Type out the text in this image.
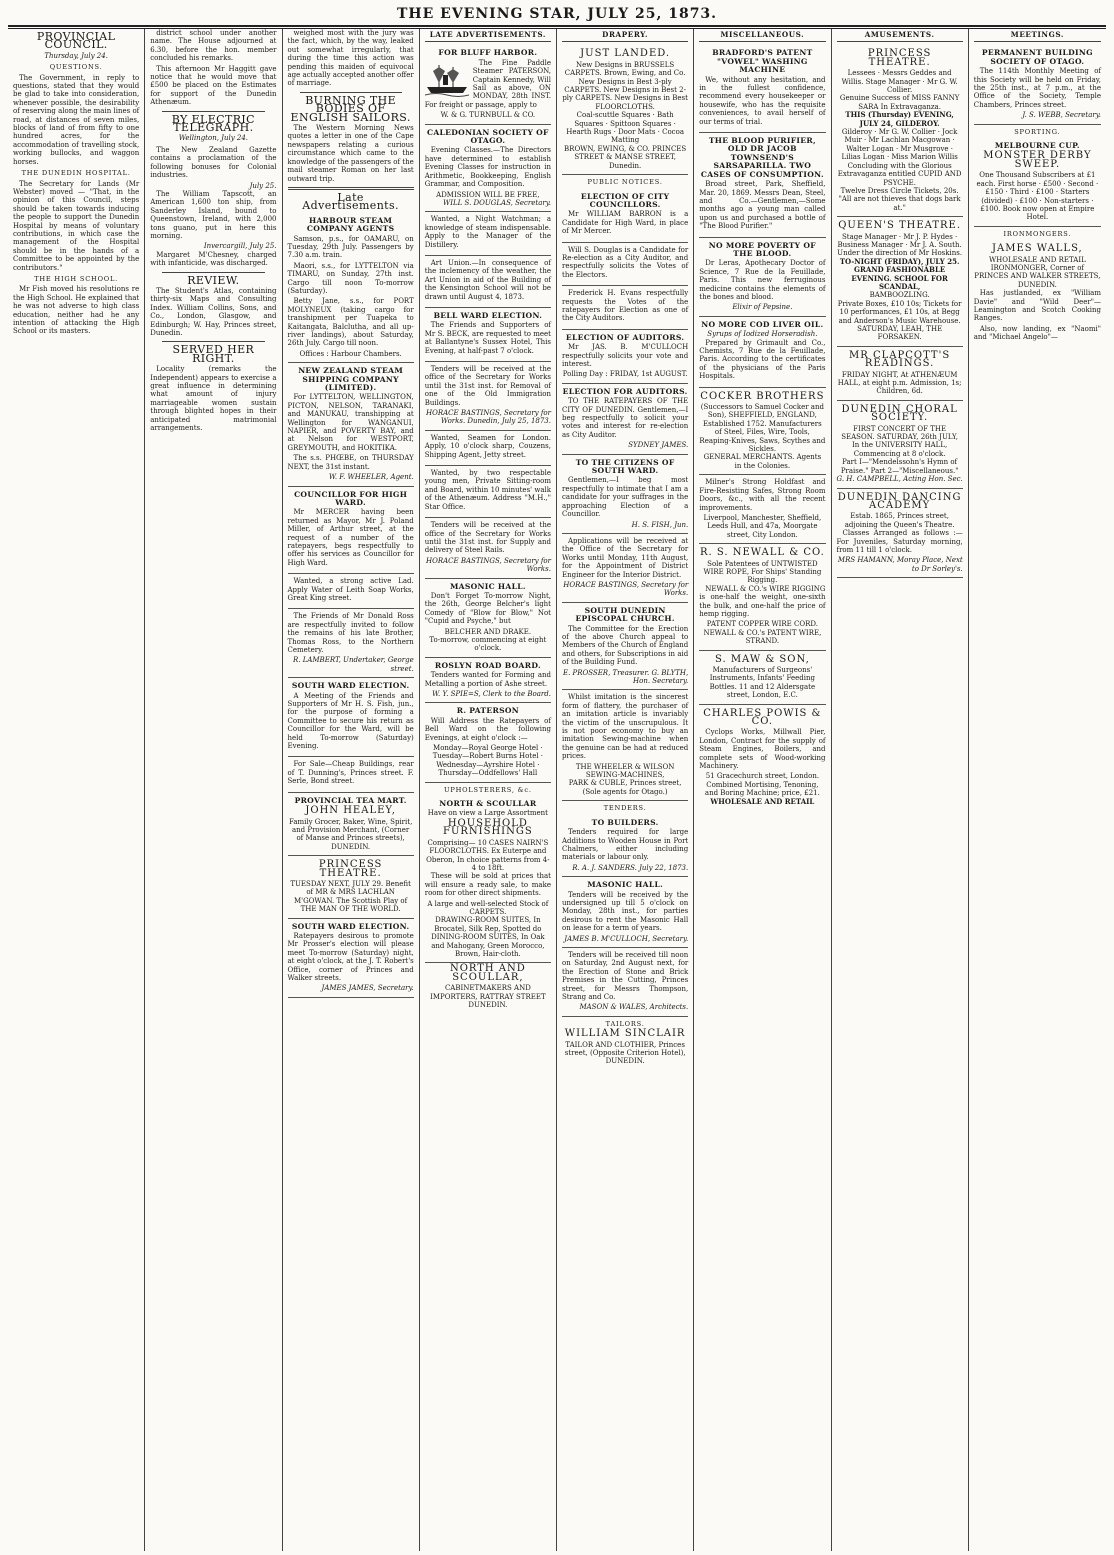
THE EVENING STAR, JULY 25, 1873.
PROVINCIAL COUNCIL.
Thursday, July 24.
QUESTIONS.

The Government, in reply to questions, stated that they would be glad to take into consideration, whenever possible, the desirability of reserving along the main lines of road, at distances of seven miles, blocks of land of from fifty to one hundred acres, for the accommodation of travelling stock, working bullocks, and waggon horses.

THE DUNEDIN HOSPITAL.

The Secretary for Lands (Mr Webster) moved — "That, in the opinion of this Council, steps should be taken towards inducing the people to support the Dunedin Hospital by means of voluntary contributions, in which case the management of the Hospital should be in the hands of a Committee to be appointed by the contributors."

THE HIGH SCHOOL.

Mr Fish moved his resolutions re the High School. He explained that he was not adverse to high class education, neither had he any intention of attacking the High School or its masters.

district school under another name. The House adjourned at 6.30, before the hon. member concluded his remarks.

This afternoon Mr Haggitt gave notice that he would move that £500 be placed on the Estimates for support of the Dunedin Athenæum.

BY ELECTRIC TELEGRAPH.
Wellington, July 24.

The New Zealand Gazette contains a proclamation of the following bonuses for Colonial industries.

July 25.

The William Tapscott, an American 1,600 ton ship, from Sanderley Island, bound to Queenstown, Ireland, with 2,000 tons guano, put in here this morning.

Invercargill, July 25.

Margaret M'Chesney, charged with infanticide, was discharged.

REVIEW.

The Student's Atlas, containing thirty-six Maps and Consulting Index. William Collins, Sons, and Co., London, Glasgow, and Edinburgh; W. Hay, Princes street, Dunedin.

SERVED HER RIGHT.

Locality (remarks the Independent) appears to exercise a great influence in determining what amount of injury marriageable women sustain through blighted hopes in their anticipated matrimonial arrangements.

weighed most with the jury was the fact, which, by the way, leaked out somewhat irregularly, that during the time this action was pending this maiden of equivocal age actually accepted another offer of marriage.

BURNING THE BODIES OF ENGLISH SAILORS.

The Western Morning News quotes a letter in one of the Cape newspapers relating a curious circumstance which came to the knowledge of the passengers of the mail steamer Roman on her last outward trip.

Late Advertisements.
HARBOUR STEAM COMPANY AGENTS

Samson, p.s., for OAMARU, on Tuesday, 29th July. Passengers by 7.30 a.m. train.

Maori, s.s., for LYTTELTON via TIMARU, on Sunday, 27th inst. Cargo till noon To-morrow (Saturday).

Betty Jane, s.s., for PORT MOLYNEUX (taking cargo for transhipment per Tuapeka to Kaitangata, Balclutha, and all up-river landings), about Saturday, 26th July. Cargo till noon.

Offices : Harbour Chambers.

NEW ZEALAND STEAM SHIPPING COMPANY (LIMITED).

For LYTTELTON, WELLINGTON, PICTON, NELSON, TARANAKI, and MANUKAU, transhipping at Wellington for WANGANUI, NAPIER, and POVERTY BAY, and at Nelson for WESTPORT, GREYMOUTH, and HOKITIKA.

The s.s. PHŒBE, on THURSDAY NEXT, the 31st instant.

W. F. WHEELER, Agent.

COUNCILLOR FOR HIGH WARD.

Mr MERCER having been returned as Mayor, Mr J. Poland Miller, of Arthur street, at the request of a number of the ratepayers, begs respectfully to offer his services as Councillor for High Ward.

Wanted, a strong active Lad. Apply Water of Leith Soap Works, Great King street.

The Friends of Mr Donald Ross are respectfully invited to follow the remains of his late Brother, Thomas Ross, to the Northern Cemetery.

R. LAMBERT, Undertaker, George street.

SOUTH WARD ELECTION.

A Meeting of the Friends and Supporters of Mr H. S. Fish, jun., for the purpose of forming a Committee to secure his return as Councillor for the Ward, will be held To-morrow (Saturday) Evening.

For Sale—Cheap Buildings, rear of T. Dunning's, Princes street. F. Serle, Bond street.

PROVINCIAL TEA MART.
JOHN HEALEY,

Family Grocer, Baker, Wine, Spirit, and Provision Merchant, (Corner of Manse and Princes streets), DUNEDIN.

PRINCESS THEATRE.

TUESDAY NEXT, JULY 29. Benefit of MR & MRS LACHLAN M'GOWAN. The Scottish Play of THE MAN OF THE WORLD.

SOUTH WARD ELECTION.

Ratepayers desirous to promote Mr Prosser's election will please meet To-morrow (Saturday) night, at eight o'clock, at the J. T. Robert's Office, corner of Princes and Walker streets.

JAMES JAMES, Secretary.

LATE ADVERTISEMENTS.
FOR BLUFF HARBOR.

The Fine Paddle Steamer PATERSON, Captain Kennedy, Will Sail as above, ON MONDAY, 28th INST. For freight or passage, apply to

W. & G. TURNBULL & CO.

CALEDONIAN SOCIETY OF OTAGO.

Evening Classes.—The Directors have determined to establish Evening Classes for instruction in Arithmetic, Bookkeeping, English Grammar, and Composition.

ADMISSION WILL BE FREE,

WILL S. DOUGLAS, Secretary.

Wanted, a Night Watchman; a knowledge of steam indispensable. Apply to the Manager of the Distillery.

Art Union.—In consequence of the inclemency of the weather, the Art Union in aid of the Building of the Kensington School will not be drawn until August 4, 1873.

BELL WARD ELECTION.

The Friends and Supporters of Mr S. BECK, are requested to meet at Ballantyne's Sussex Hotel, This Evening, at half-past 7 o'clock.

Tenders will be received at the office of the Secretary for Works until the 31st inst. for Removal of one of the Old Immigration Buildings.

HORACE BASTINGS, Secretary for Works. Dunedin, July 25, 1873.

Wanted, Seamen for London. Apply, 10 o'clock sharp, Couzens, Shipping Agent, Jetty street.

Wanted, by two respectable young men, Private Sitting-room and Board, within 10 minutes' walk of the Athenæum. Address "M.H.," Star Office.

Tenders will be received at the office of the Secretary for Works until the 31st inst. for Supply and delivery of Steel Rails.

HORACE BASTINGS, Secretary for Works.

MASONIC HALL.

Don't Forget To-morrow Night, the 26th, George Belcher's light Comedy of "Blow for Blow," Not "Cupid and Psyche," but

BELCHER AND DRAKE.

To-morrow, commencing at eight o'clock.

ROSLYN ROAD BOARD.

Tenders wanted for Forming and Metalling a portion of Ashe street.

W. Y. SPIE=S, Clerk to the Board.

R. PATERSON

Will Address the Ratepayers of Bell Ward on the following Evenings, at eight o'clock :—

Monday—Royal George Hotel · Tuesday—Robert Burns Hotel · Wednesday—Ayrshire Hotel · Thursday—Oddfellows' Hall

UPHOLSTERERS, &c.
NORTH & SCOULLAR

Have on view a Large Assortment

HOUSEHOLD FURNISHINGS

Comprising— 10 CASES NAIRN'S FLOORCLOTHS. Ex Euterpe and Oberon, In choice patterns from 4-4 to 18ft.

These will be sold at prices that will ensure a ready sale, to make room for other direct shipments.

A large and well-selected Stock of CARPETS.

DRAWING-ROOM SUITES, In Brocatel, Silk Rep, Spotted do

DINING-ROOM SUITES, In Oak and Mahogany, Green Morocco, Brown, Hair-cloth.

NORTH AND SCOULLAR,

CABINETMAKERS AND IMPORTERS, RATTRAY STREET DUNEDIN.

DRAPERY.
JUST LANDED.

New Designs in BRUSSELS CARPETS. Brown, Ewing, and Co.

New Designs in Best 3-ply CARPETS. New Designs in Best 2-ply CARPETS. New Designs in Best FLOORCLOTHS.

Coal-scuttle Squares · Bath Squares · Spittoon Squares · Hearth Rugs · Door Mats · Cocoa Matting

BROWN, EWING, & CO. PRINCES STREET & MANSE STREET, Dunedin.

PUBLIC NOTICES.
ELECTION OF CITY COUNCILLORS.

Mr WILLIAM BARRON is a Candidate for High Ward, in place of Mr Mercer.

Will S. Douglas is a Candidate for Re-election as a City Auditor, and respectfully solicits the Votes of the Electors.

Frederick H. Evans respectfully requests the Votes of the ratepayers for Election as one of the City Auditors.

ELECTION OF AUDITORS.

Mr JAS. B. M'CULLOCH respectfully solicits your vote and interest.

Polling Day : FRIDAY, 1st AUGUST.

ELECTION FOR AUDITORS.

TO THE RATEPAYERS OF THE CITY OF DUNEDIN. Gentlemen,—I beg respectfully to solicit your votes and interest for re-election as City Auditor.

SYDNEY JAMES.

TO THE CITIZENS OF SOUTH WARD.

Gentlemen,—I beg most respectfully to intimate that I am a candidate for your suffrages in the approaching Election of a Councillor.

H. S. FISH, Jun.

Applications will be received at the Office of the Secretary for Works until Monday, 11th August, for the Appointment of District Engineer for the Interior District.

HORACE BASTINGS, Secretary for Works.

SOUTH DUNEDIN EPISCOPAL CHURCH.

The Committee for the Erection of the above Church appeal to Members of the Church of England and others, for Subscriptions in aid of the Building Fund.

E. PROSSER, Treasurer. G. BLYTH, Hon. Secretary.

Whilst imitation is the sincerest form of flattery, the purchaser of an imitation article is invariably the victim of the unscrupulous. It is not poor economy to buy an imitation Sewing-machine when the genuine can be had at reduced prices.

THE WHEELER & WILSON SEWING-MACHINES,

PARK & CUBLE, Princes street, (Sole agents for Otago.)

TENDERS.
TO BUILDERS.

Tenders required for large Additions to Wooden House in Port Chalmers, either including materials or labour only.

R. A. J. SANDERS. July 22, 1873.

MASONIC HALL.

Tenders will be received by the undersigned up till 5 o'clock on Monday, 28th inst., for parties desirous to rent the Masonic Hall on lease for a term of years.

JAMES B. M'CULLOCH, Secretary.

Tenders will be received till noon on Saturday, 2nd August next, for the Erection of Stone and Brick Premises in the Cutting, Princes street, for Messrs Thompson, Strang and Co.

MASON & WALES, Architects.

TAILORS.
WILLIAM SINCLAIR

TAILOR AND CLOTHIER, Princes street, (Opposite Criterion Hotel), DUNEDIN.

MISCELLANEOUS.
BRADFORD'S PATENT "VOWEL" WASHING MACHINE

We, without any hesitation, and in the fullest confidence, recommend every housekeeper or housewife, who has the requisite conveniences, to avail herself of our terms of trial.

THE BLOOD PURIFIER, OLD DR JACOB TOWNSEND'S SARSAPARILLA. TWO CASES OF CONSUMPTION.

Broad street, Park, Sheffield, Mar. 20, 1869. Messrs Dean, Steel, and Co.—Gentlemen,—Some months ago a young man called upon us and purchased a bottle of "The Blood Purifier."

NO MORE POVERTY OF THE BLOOD.

Dr Leras, Apothecary Doctor of Science, 7 Rue de la Feuillade, Paris. This new ferruginous medicine contains the elements of the bones and blood.

Elixir of Pepsine.

NO MORE COD LIVER OIL.

Syrups of Iodized Horseradish.

Prepared by Grimault and Co., Chemists, 7 Rue de la Feuillade, Paris. According to the certificates of the physicians of the Paris Hospitals.

COCKER BROTHERS

(Successors to Samuel Cocker and Son), SHEFFIELD, ENGLAND, Established 1752. Manufacturers of Steel, Files, Wire, Tools, Reaping-Knives, Saws, Scythes and Sickles.

GENERAL MERCHANTS. Agents in the Colonies.

Milner's Strong Holdfast and Fire-Resisting Safes, Strong Room Doors, &c., with all the recent improvements.

Liverpool, Manchester, Sheffield, Leeds Hull, and 47a, Moorgate street, City London.

R. S. NEWALL & CO.

Sole Patentees of UNTWISTED WIRE ROPE, For Ships' Standing Rigging.

NEWALL & CO.'s WIRE RIGGING is one-half the weight, one-sixth the bulk, and one-half the price of hemp rigging.

PATENT COPPER WIRE CORD. NEWALL & CO.'s PATENT WIRE, STRAND.

S. MAW & SON,

Manufacturers of Surgeons' Instruments, Infants' Feeding Bottles. 11 and 12 Aldersgate street, London, E.C.

CHARLES POWIS & CO.

Cyclops Works, Millwall Pier, London, Contract for the supply of Steam Engines, Boilers, and complete sets of Wood-working Machinery.

51 Gracechurch street, London. Combined Mortising, Tenoning, and Boring Machine; price, £21.

WHOLESALE AND RETAIL

AMUSEMENTS.
PRINCESS THEATRE.

Lessees · Messrs Geddes and Willis. Stage Manager · Mr G. W. Collier.

Genuine Success of MISS FANNY SARA In Extravaganza.

THIS (Thursday) EVENING, JULY 24, GILDEROY.

Gilderoy · Mr G. W. Collier · Jock Muir · Mr Lachlan Macgowan · Walter Logan · Mr Musgrove · Lilias Logan · Miss Marion Willis

Concluding with the Glorious Extravaganza entitled CUPID AND PSYCHE.

Twelve Dress Circle Tickets, 20s. "All are not thieves that dogs bark at."

QUEEN'S THEATRE.

Stage Manager · Mr J. P. Hydes · Business Manager · Mr J. A. South. Under the direction of Mr Hoskins.

TO-NIGHT (FRIDAY), JULY 25. GRAND FASHIONABLE EVENING. SCHOOL FOR SCANDAL,

BAMBOOZLING.

Private Boxes, £10 10s; Tickets for 10 performances, £1 10s, at Begg and Anderson's Music Warehouse.

SATURDAY, LEAH, THE FORSAKEN.

MR CLAPCOTT'S READINGS.

FRIDAY NIGHT, At ATHENÆUM HALL, at eight p.m. Admission, 1s; Children, 6d.

DUNEDIN CHORAL SOCIETY.

FIRST CONCERT OF THE SEASON. SATURDAY, 26th JULY, In the UNIVERSITY HALL, Commencing at 8 o'clock.

Part I—"Mendelssohn's Hymn of Praise." Part 2—"Miscellaneous."

G. H. CAMPBELL, Acting Hon. Sec.

DUNEDIN DANCING ACADEMY

Estab. 1865, Princes street, adjoining the Queen's Theatre.

Classes Arranged as follows :— For Juveniles, Saturday morning, from 11 till 1 o'clock.

MRS HAMANN, Moray Place, Next to Dr Sorley's.

MEETINGS.
PERMANENT BUILDING SOCIETY OF OTAGO.

The 114th Monthly Meeting of this Society will be held on Friday, the 25th inst., at 7 p.m., at the Office of the Society, Temple Chambers, Princes street.

J. S. WEBB, Secretary.

SPORTING.
MELBOURNE CUP.
MONSTER DERBY SWEEP.

One Thousand Subscribers at £1 each. First horse · £500 · Second · £150 · Third · £100 · Starters (divided) · £100 · Non-starters · £100. Book now open at Empire Hotel.

IRONMONGERS.
JAMES WALLS,

WHOLESALE AND RETAIL IRONMONGER, Corner of PRINCES AND WALKER STREETS, DUNEDIN.

Has justlanded, ex "William Davie" and "Wild Deer"— Leamington and Scotch Cooking Ranges.

Also, now landing, ex "Naomi" and "Michael Angelo"—
